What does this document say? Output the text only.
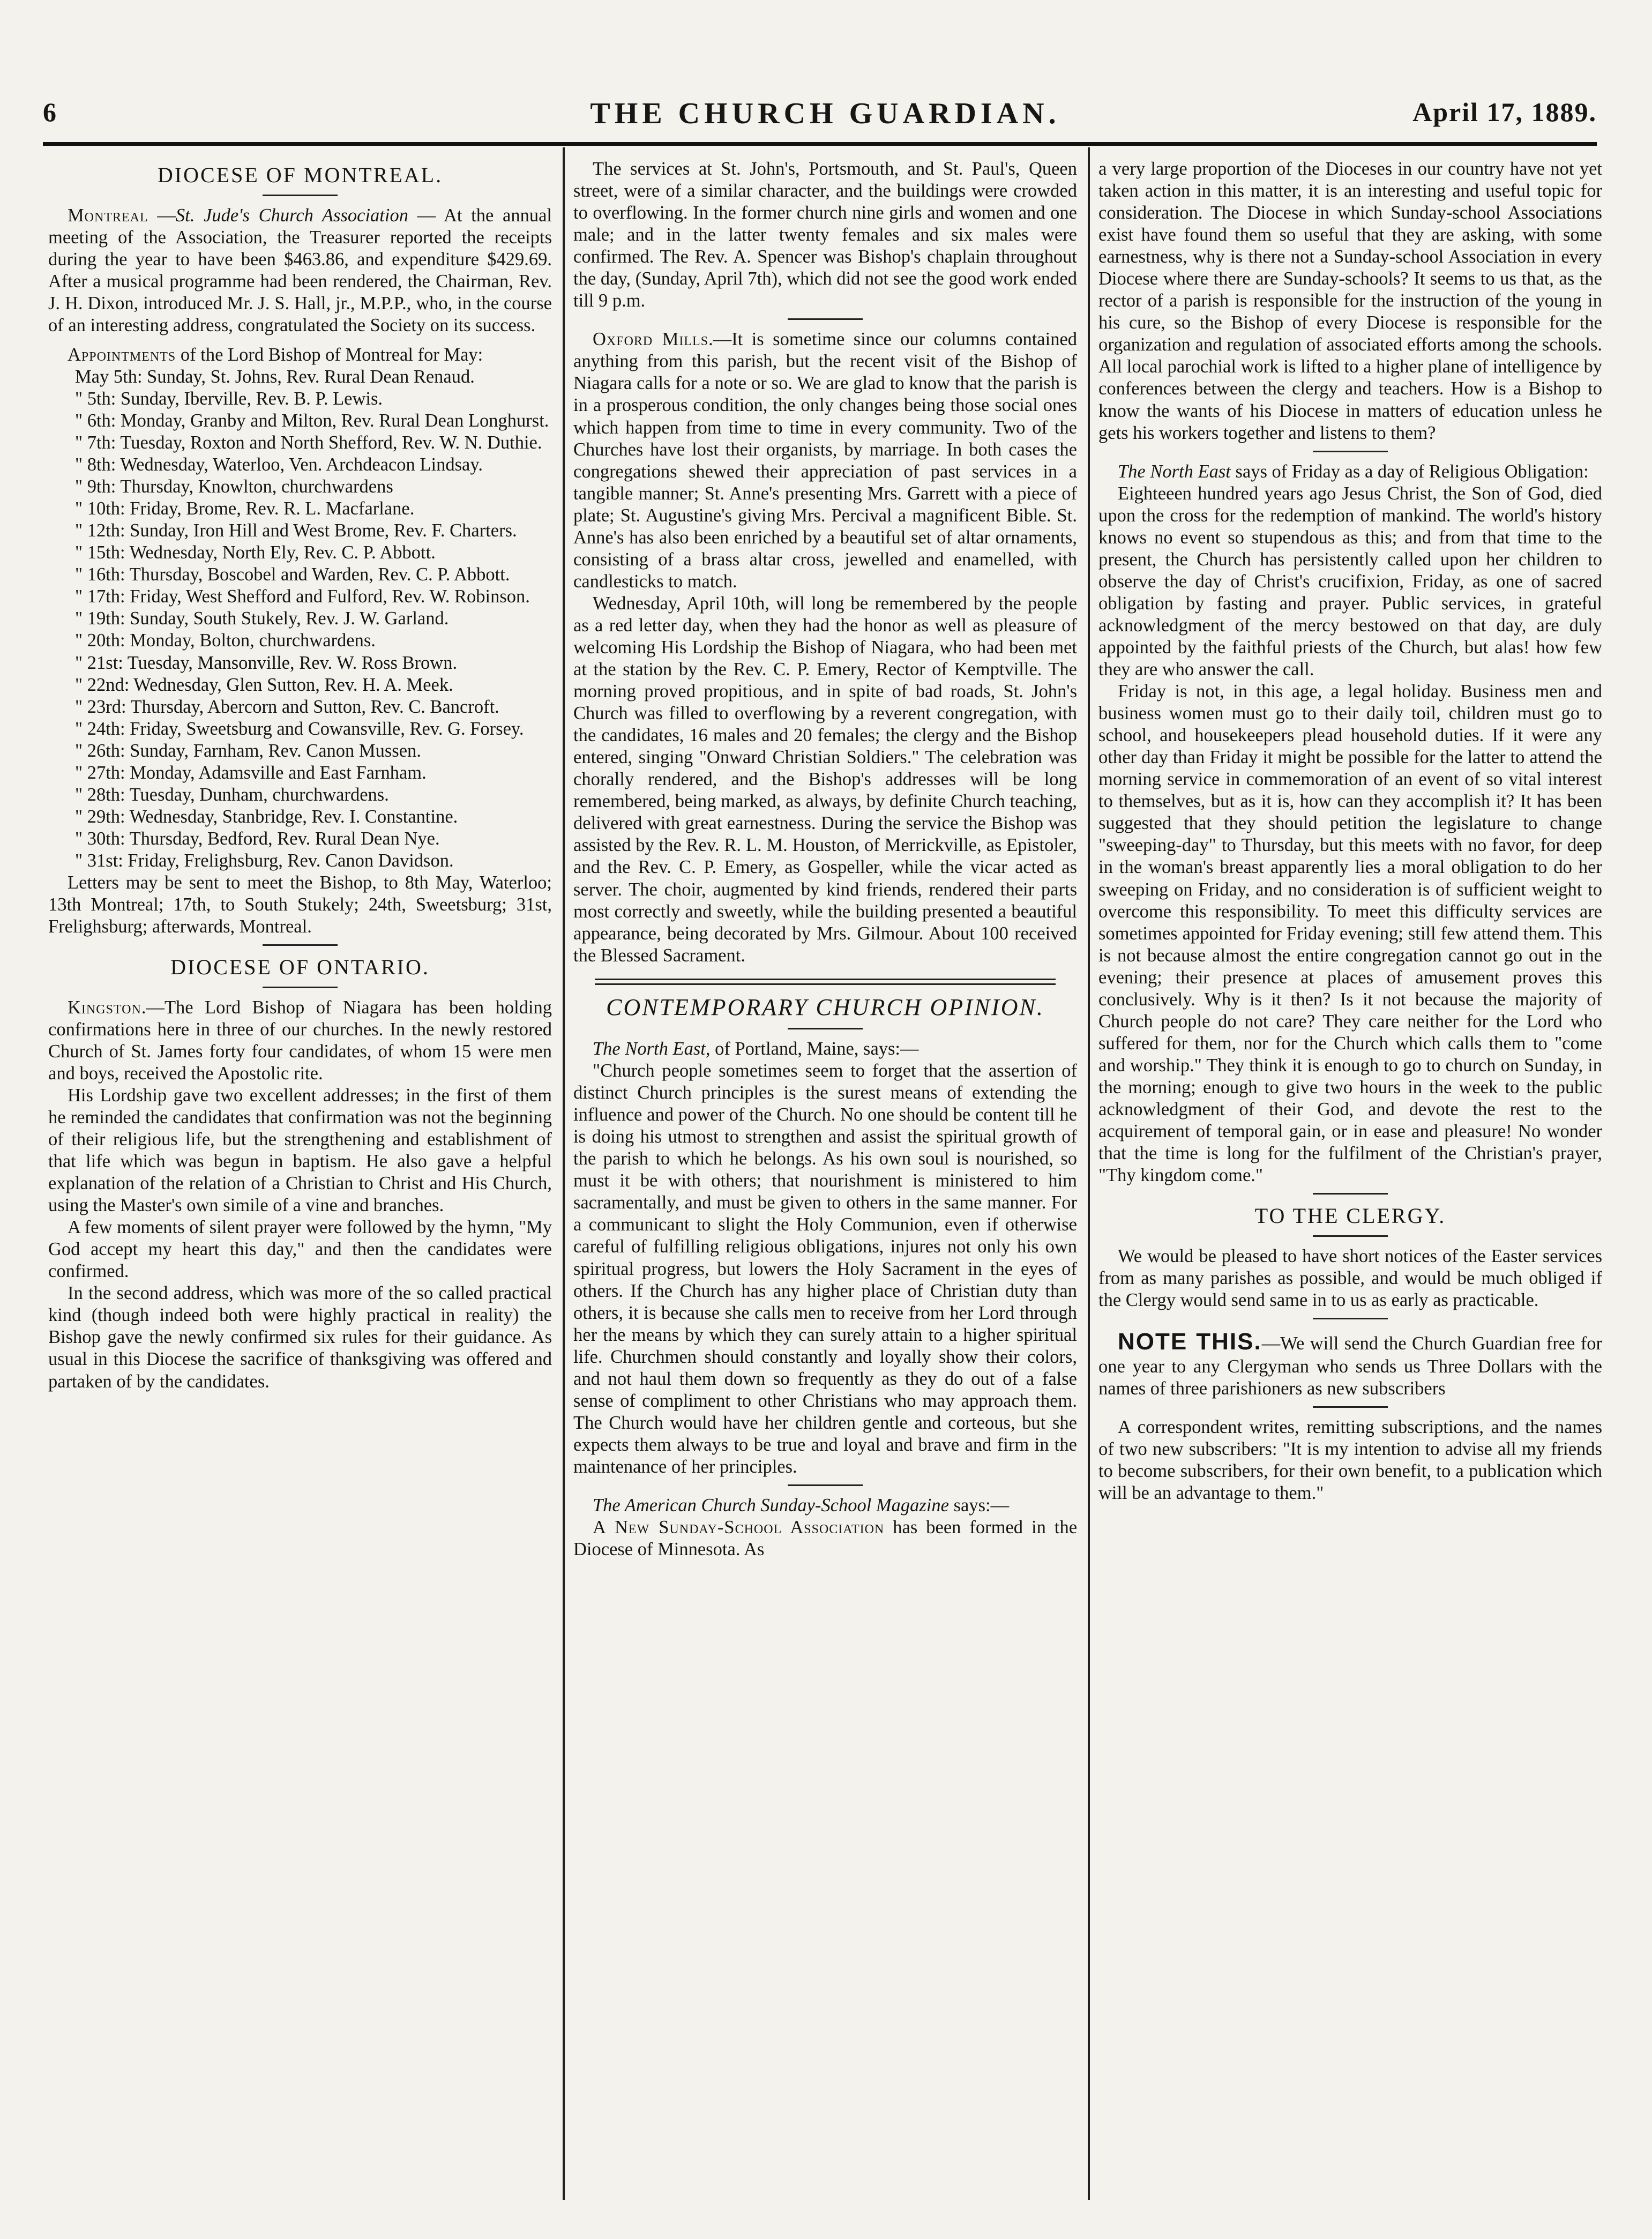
6	THE CHURCH GUARDIAN.	April 17, 1889.
DIOCESE OF MONTREAL.

Montreal —St. Jude's Church Association — At the annual meeting of the Association, the Treasurer reported the receipts during the year to have been $463.86, and expenditure $429.69. After a musical programme had been rendered, the Chairman, Rev. J. H. Dixon, introduced Mr. J. S. Hall, jr., M.P.P., who, in the course of an interesting address, congratulated the Society on its success.

Appointments of the Lord Bishop of Montreal for May:

May 5th: Sunday, St. Johns, Rev. Rural Dean Renaud.
" 5th: Sunday, Iberville, Rev. B. P. Lewis.
" 6th: Monday, Granby and Milton, Rev. Rural Dean Longhurst.
" 7th: Tuesday, Roxton and North Shefford, Rev. W. N. Duthie.
" 8th: Wednesday, Waterloo, Ven. Archdeacon Lindsay.
" 9th: Thursday, Knowlton, churchwardens
" 10th: Friday, Brome, Rev. R. L. Macfarlane.
" 12th: Sunday, Iron Hill and West Brome, Rev. F. Charters.
" 15th: Wednesday, North Ely, Rev. C. P. Abbott.
" 16th: Thursday, Boscobel and Warden, Rev. C. P. Abbott.
" 17th: Friday, West Shefford and Fulford, Rev. W. Robinson.
" 19th: Sunday, South Stukely, Rev. J. W. Garland.
" 20th: Monday, Bolton, churchwardens.
" 21st: Tuesday, Mansonville, Rev. W. Ross Brown.
" 22nd: Wednesday, Glen Sutton, Rev. H. A. Meek.
" 23rd: Thursday, Abercorn and Sutton, Rev. C. Bancroft.
" 24th: Friday, Sweetsburg and Cowansville, Rev. G. Forsey.
" 26th: Sunday, Farnham, Rev. Canon Mussen.
" 27th: Monday, Adamsville and East Farnham.
" 28th: Tuesday, Dunham, churchwardens.
" 29th: Wednesday, Stanbridge, Rev. I. Constantine.
" 30th: Thursday, Bedford, Rev. Rural Dean Nye.
" 31st: Friday, Frelighsburg, Rev. Canon Davidson.

Letters may be sent to meet the Bishop, to 8th May, Waterloo; 13th Montreal; 17th, to South Stukely; 24th, Sweetsburg; 31st, Frelighsburg; afterwards, Montreal.

DIOCESE OF ONTARIO.

Kingston.—The Lord Bishop of Niagara has been holding confirmations here in three of our churches. In the newly restored Church of St. James forty four candidates, of whom 15 were men and boys, received the Apostolic rite.

His Lordship gave two excellent addresses; in the first of them he reminded the candidates that confirmation was not the beginning of their religious life, but the strengthening and establishment of that life which was begun in baptism. He also gave a helpful explanation of the relation of a Christian to Christ and His Church, using the Master's own simile of a vine and branches.

A few moments of silent prayer were followed by the hymn, "My God accept my heart this day," and then the candidates were confirmed.

In the second address, which was more of the so called practical kind (though indeed both were highly practical in reality) the Bishop gave the newly confirmed six rules for their guidance. As usual in this Diocese the sacrifice of thanksgiving was offered and partaken of by the candidates.

The services at St. John's, Portsmouth, and St. Paul's, Queen street, were of a similar character, and the buildings were crowded to overflowing. In the former church nine girls and women and one male; and in the latter twenty females and six males were confirmed. The Rev. A. Spencer was Bishop's chaplain throughout the day, (Sunday, April 7th), which did not see the good work ended till 9 p.m.

Oxford Mills.—It is sometime since our columns contained anything from this parish, but the recent visit of the Bishop of Niagara calls for a note or so. We are glad to know that the parish is in a prosperous condition, the only changes being those social ones which happen from time to time in every community. Two of the Churches have lost their organists, by marriage. In both cases the congregations shewed their appreciation of past services in a tangible manner; St. Anne's presenting Mrs. Garrett with a piece of plate; St. Augustine's giving Mrs. Percival a magnificent Bible. St. Anne's has also been enriched by a beautiful set of altar ornaments, consisting of a brass altar cross, jewelled and enamelled, with candlesticks to match.

Wednesday, April 10th, will long be remembered by the people as a red letter day, when they had the honor as well as pleasure of welcoming His Lordship the Bishop of Niagara, who had been met at the station by the Rev. C. P. Emery, Rector of Kemptville. The morning proved propitious, and in spite of bad roads, St. John's Church was filled to overflowing by a reverent congregation, with the candidates, 16 males and 20 females; the clergy and the Bishop entered, singing "Onward Christian Soldiers." The celebration was chorally rendered, and the Bishop's addresses will be long remembered, being marked, as always, by definite Church teaching, delivered with great earnestness. During the service the Bishop was assisted by the Rev. R. L. M. Houston, of Merrickville, as Epistoler, and the Rev. C. P. Emery, as Gospeller, while the vicar acted as server. The choir, augmented by kind friends, rendered their parts most correctly and sweetly, while the building presented a beautiful appearance, being decorated by Mrs. Gilmour. About 100 received the Blessed Sacrament.

CONTEMPORARY CHURCH OPINION.

The North East, of Portland, Maine, says:—

"Church people sometimes seem to forget that the assertion of distinct Church principles is the surest means of extending the influence and power of the Church. No one should be content till he is doing his utmost to strengthen and assist the spiritual growth of the parish to which he belongs. As his own soul is nourished, so must it be with others; that nourishment is ministered to him sacramentally, and must be given to others in the same manner. For a communicant to slight the Holy Communion, even if otherwise careful of fulfilling religious obligations, injures not only his own spiritual progress, but lowers the Holy Sacrament in the eyes of others. If the Church has any higher place of Christian duty than others, it is because she calls men to receive from her Lord through her the means by which they can surely attain to a higher spiritual life. Churchmen should constantly and loyally show their colors, and not haul them down so frequently as they do out of a false sense of compliment to other Christians who may approach them. The Church would have her children gentle and corteous, but she expects them always to be true and loyal and brave and firm in the maintenance of her principles.

The American Church Sunday-School Magazine says:—

A New Sunday-School Association has been formed in the Diocese of Minnesota. As

a very large proportion of the Dioceses in our country have not yet taken action in this matter, it is an interesting and useful topic for consideration. The Diocese in which Sunday-school Associations exist have found them so useful that they are asking, with some earnestness, why is there not a Sunday-school Association in every Diocese where there are Sunday-schools? It seems to us that, as the rector of a parish is responsible for the instruction of the young in his cure, so the Bishop of every Diocese is responsible for the organization and regulation of associated efforts among the schools. All local parochial work is lifted to a higher plane of intelligence by conferences between the clergy and teachers. How is a Bishop to know the wants of his Diocese in matters of education unless he gets his workers together and listens to them?

The North East says of Friday as a day of Religious Obligation:

Eighteeen hundred years ago Jesus Christ, the Son of God, died upon the cross for the redemption of mankind. The world's history knows no event so stupendous as this; and from that time to the present, the Church has persistently called upon her children to observe the day of Christ's crucifixion, Friday, as one of sacred obligation by fasting and prayer. Public services, in grateful acknowledgment of the mercy bestowed on that day, are duly appointed by the faithful priests of the Church, but alas! how few they are who answer the call.

Friday is not, in this age, a legal holiday. Business men and business women must go to their daily toil, children must go to school, and housekeepers plead household duties. If it were any other day than Friday it might be possible for the latter to attend the morning service in commemoration of an event of so vital interest to themselves, but as it is, how can they accomplish it? It has been suggested that they should petition the legislature to change "sweeping-day" to Thursday, but this meets with no favor, for deep in the woman's breast apparently lies a moral obligation to do her sweeping on Friday, and no consideration is of sufficient weight to overcome this responsibility. To meet this difficulty services are sometimes appointed for Friday evening; still few attend them. This is not because almost the entire congregation cannot go out in the evening; their presence at places of amusement proves this conclusively. Why is it then? Is it not because the majority of Church people do not care? They care neither for the Lord who suffered for them, nor for the Church which calls them to "come and worship." They think it is enough to go to church on Sunday, in the morning; enough to give two hours in the week to the public acknowledgment of their God, and devote the rest to the acquirement of temporal gain, or in ease and pleasure! No wonder that the time is long for the fulfilment of the Christian's prayer, "Thy kingdom come."

TO THE CLERGY.

We would be pleased to have short notices of the Easter services from as many parishes as possible, and would be much obliged if the Clergy would send same in to us as early as practicable.

NOTE THIS.—We will send the Church Guardian free for one year to any Clergyman who sends us Three Dollars with the names of three parishioners as new subscribers

A correspondent writes, remitting subscriptions, and the names of two new subscribers: "It is my intention to advise all my friends to become subscribers, for their own benefit, to a publication which will be an advantage to them."
